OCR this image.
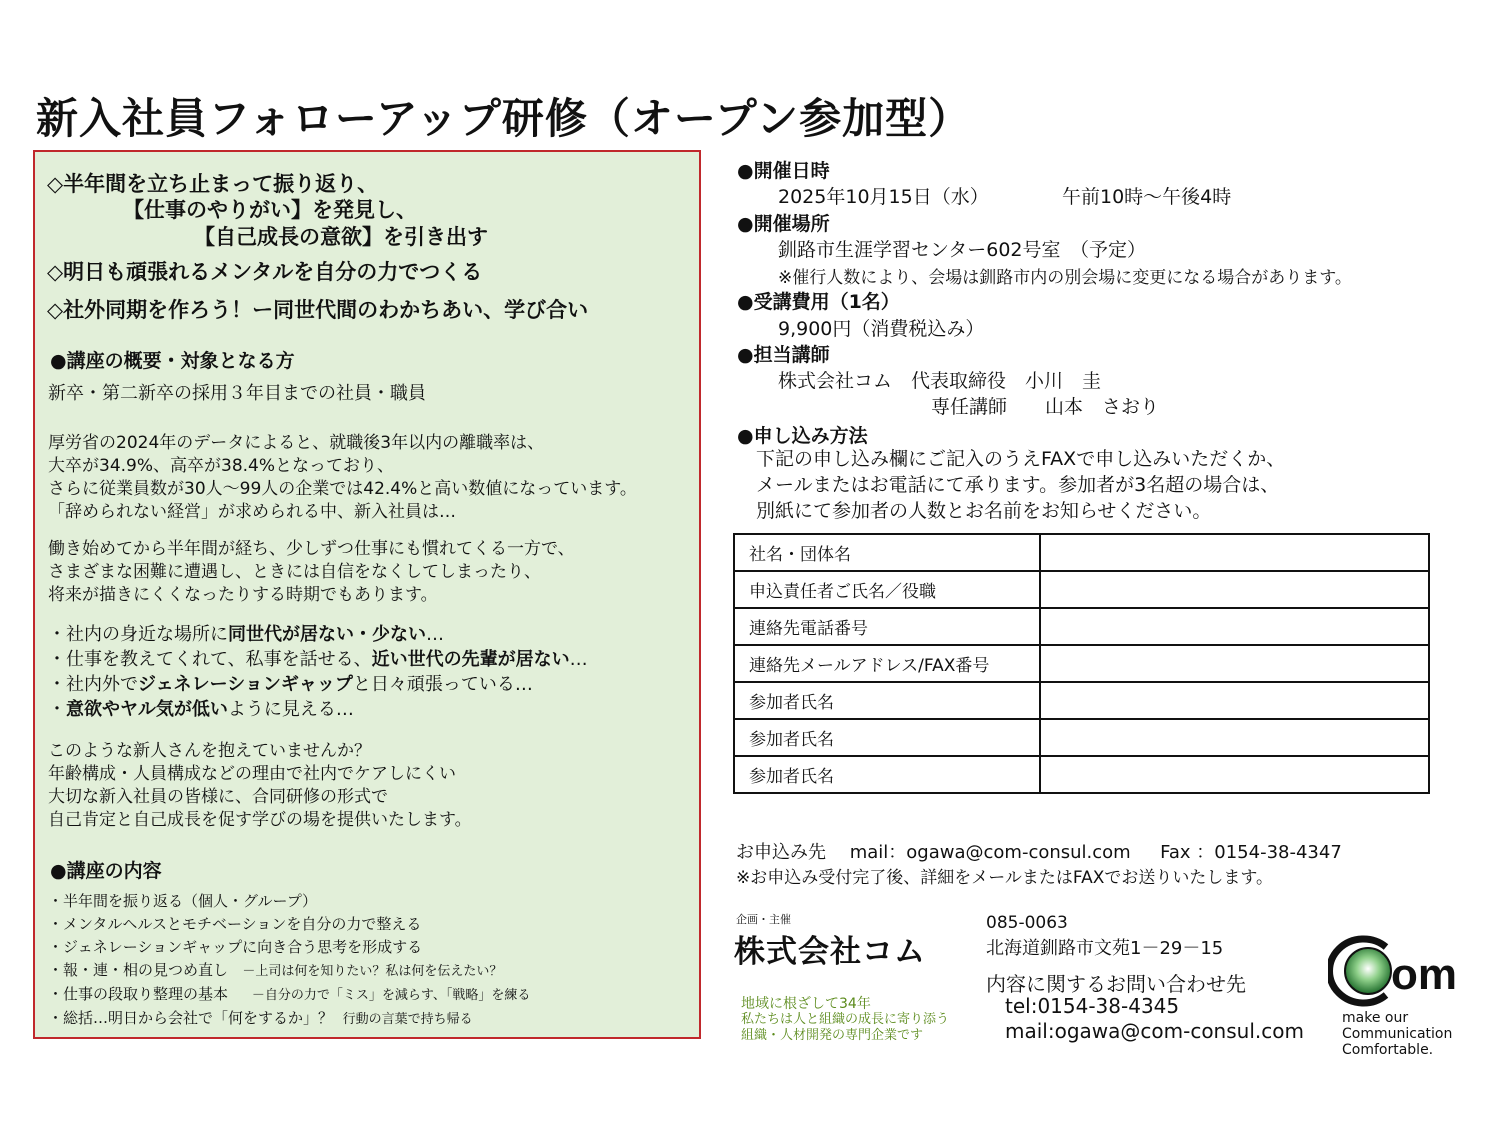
新入社員フォローアップ研修（オープン参加型）
◇半年間を立ち止まって振り返り、
【仕事のやりがい】を発見し、
【自己成長の意欲】を引き出す
◇明日も頑張れるメンタルを自分の力でつくる
◇社外同期を作ろう！ー同世代間のわかちあい、学び合い
●講座の概要・対象となる方
新卒・第二新卒の採用３年目までの社員・職員
厚労省の2024年のデータによると、就職後3年以内の離職率は、
大卒が34.9%、高卒が38.4%となっており、
さらに従業員数が30人～99人の企業では42.4%と高い数値になっています。
「辞められない経営」が求められる中、新入社員は…
働き始めてから半年間が経ち、少しずつ仕事にも慣れてくる一方で、
さまざまな困難に遭遇し、ときには自信をなくしてしまったり、
将来が描きにくくなったりする時期でもあります。
・社内の身近な場所に同世代が居ない・少ない…
・仕事を教えてくれて、私事を話せる、近い世代の先輩が居ない…
・社内外でジェネレーションギャップと日々頑張っている…
・意欲やヤル気が低いように見える…
このような新人さんを抱えていませんか？
年齢構成・人員構成などの理由で社内でケアしにくい
大切な新入社員の皆様に、合同研修の形式で
自己肯定と自己成長を促す学びの場を提供いたします。
●講座の内容
・半年間を振り返る（個人・グループ）
・メンタルヘルスとモチベーションを自分の力で整える
・ジェネレーションギャップに向き合う思考を形成する
・報・連・相の見つめ直し －上司は何を知りたい？私は何を伝えたい？
・仕事の段取り整理の基本 －自分の力で「ミス」を減らす、「戦略」を練る
・総括…明日から会社で「何をするか」？ 行動の言葉で持ち帰る
●開催日時
2025年10月15日（水）	午前10時～午後4時
●開催場所
釧路市生涯学習センター602号室　（予定）
※催行人数により、会場は釧路市内の別会場に変更になる場合があります。
●受講費用（1名）
9,900円（消費税込み）
●担当講師
株式会社コム　代表取締役　小川　圭
専任講師　　山本　さおり
●申し込み方法
下記の申し込み欄にご記入のうえFAXで申し込みいただくか、
メールまたはお電話にて承ります。参加者が3名超の場合は、
別紙にて参加者の人数とお名前をお知らせください。
社名・団体名	
申込責任者ご氏名／役職	
連絡先電話番号	
連絡先メールアドレス/FAX番号	
参加者氏名	
参加者氏名	
参加者氏名	
お申込み先　 mail：ogawa@com-consul.com　  Fax ：0154-38-4347
※お申込み受付完了後、詳細をメールまたはFAXでお送りいたします。
企画・主催
株式会社コム
地域に根ざして34年
私たちは人と組織の成長に寄り添う
組織・人材開発の専門企業です
085-0063
北海道釧路市文苑1－29－15
内容に関するお問い合わせ先
tel:0154-38-4345
mail:ogawa@com-consul.com
om
make our
Communication
Comfortable.
